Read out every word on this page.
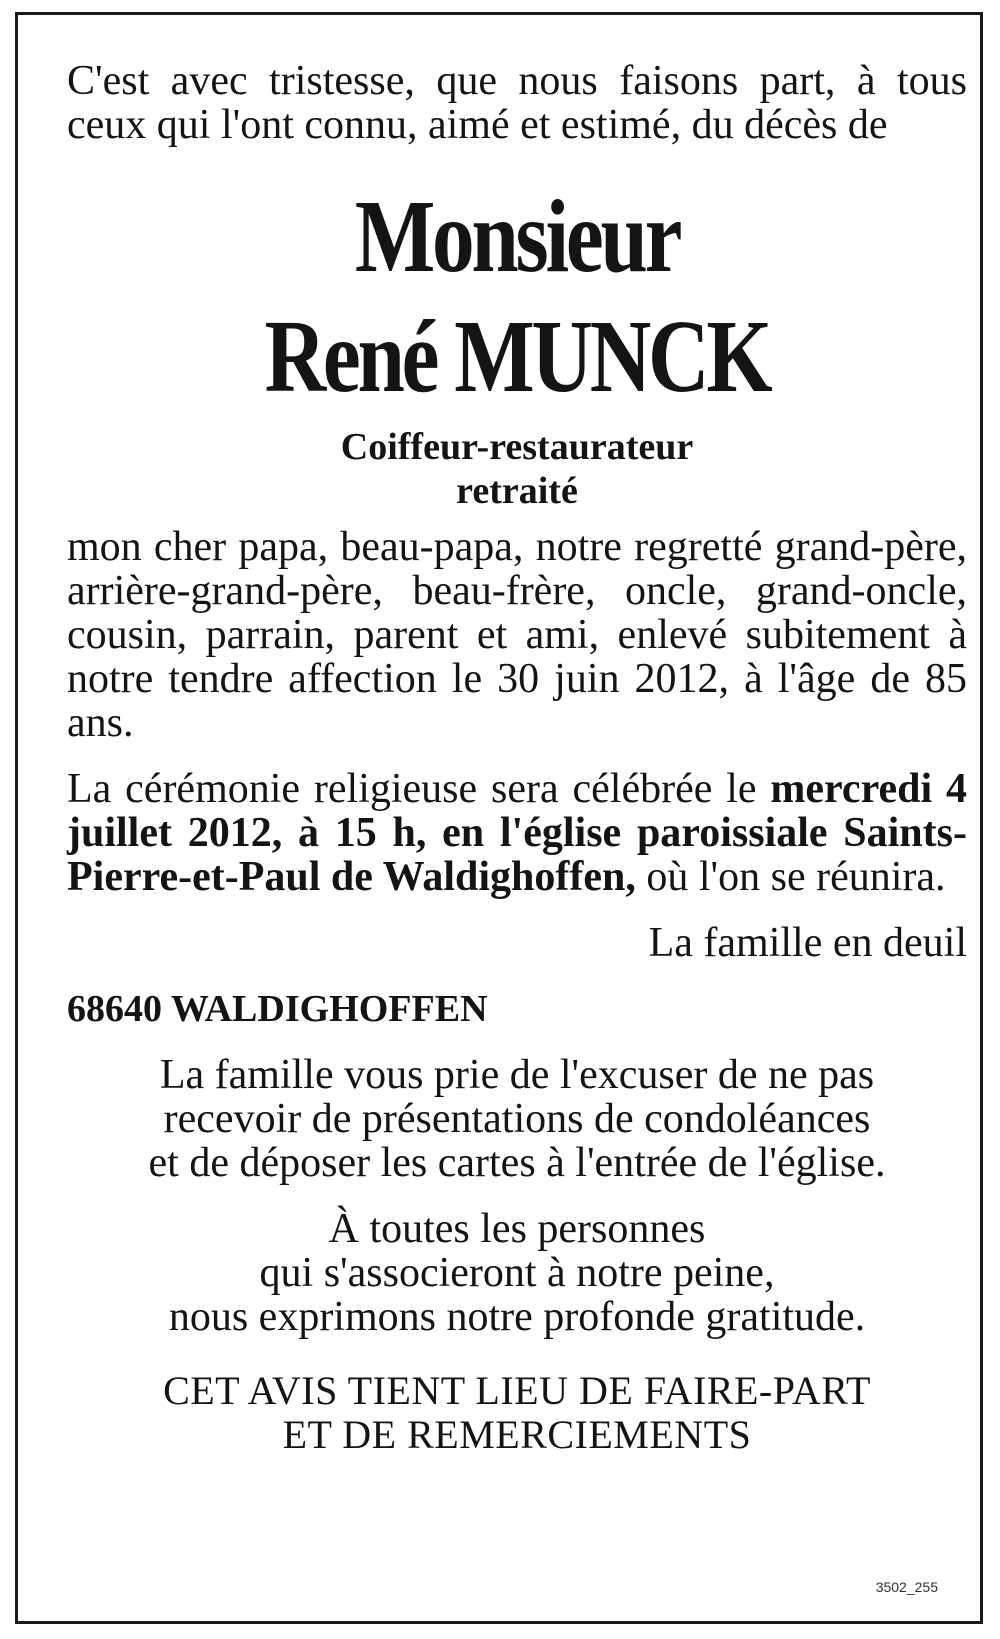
C'est avec tristesse, que nous faisons part, à tous ceux qui l'ont connu, aimé et estimé, du décès de

Monsieur
René MUNCK
Coiffeur-restaurateur
retraité

mon cher papa, beau-papa, notre regretté grand-père, arrière-grand-père, beau-frère, oncle, grand-oncle, cousin, parrain, parent et ami, enlevé subitement à notre tendre affection le 30 juin 2012, à l'âge de 85 ans.

La cérémonie religieuse sera célébrée le mercredi 4 juillet 2012, à 15 h, en l'église paroissiale Saints-Pierre-et-Paul de Waldighoffen, où l'on se réunira.

La famille en deuil
68640 WALDIGHOFFEN
La famille vous prie de l'excuser de ne pas
recevoir de présentations de condoléances
et de déposer les cartes à l'entrée de l'église.
À toutes les personnes
qui s'associeront à notre peine,
nous exprimons notre profonde gratitude.
CET AVIS TIENT LIEU DE FAIRE-PART
ET DE REMERCIEMENTS
3502_255
